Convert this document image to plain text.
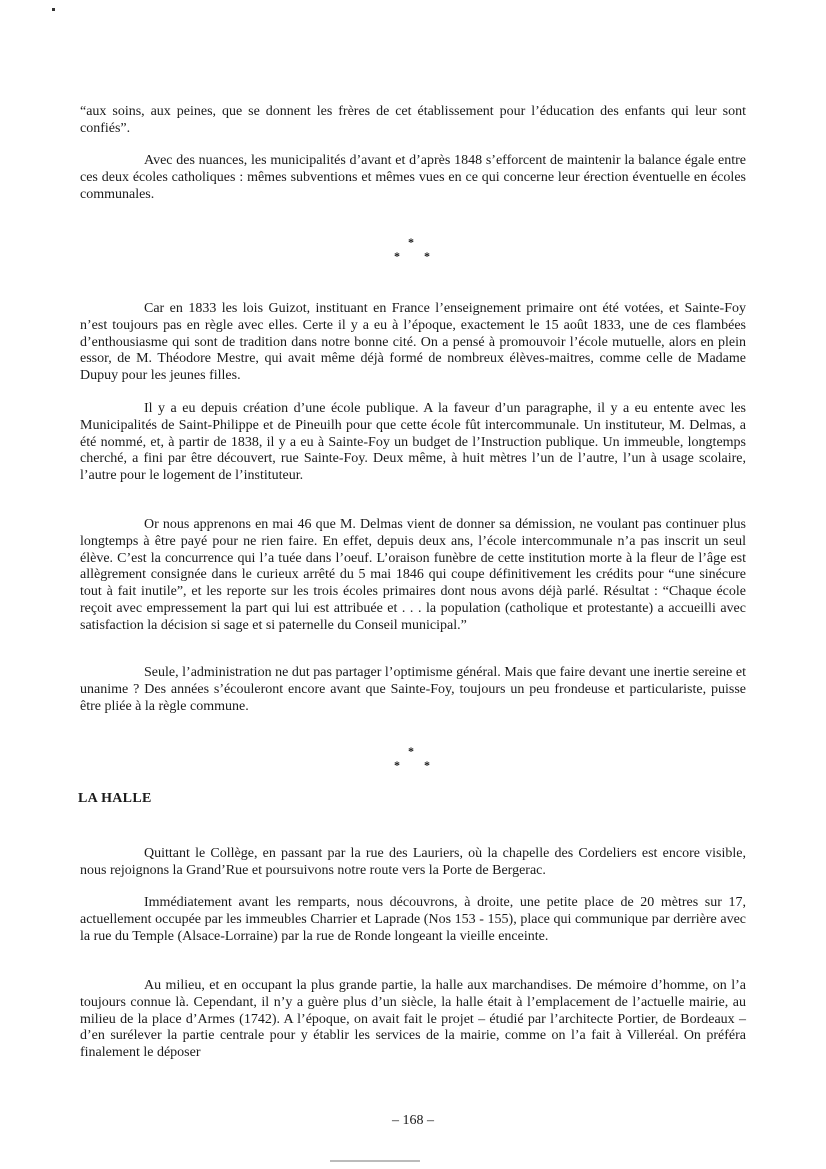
“aux soins, aux peines, que se donnent les frères de cet établissement pour l’éducation des enfants qui leur sont confiés”.

Avec des nuances, les municipalités d’avant et d’après 1848 s’efforcent de maintenir la balance égale entre ces deux écoles catholiques : mêmes subventions et mêmes vues en ce qui concerne leur érection éventuelle en écoles communales.

*
* *

Car en 1833 les lois Guizot, instituant en France l’enseignement primaire ont été votées, et Sainte-Foy n’est toujours pas en règle avec elles. Certe il y a eu à l’époque, exactement le 15 août 1833, une de ces flambées d’enthousiasme qui sont de tradition dans notre bonne cité. On a pensé à promouvoir l’école mutuelle, alors en plein essor, de M. Théodore Mestre, qui avait même déjà formé de nombreux élèves-maitres, comme celle de Madame Dupuy pour les jeunes filles.

Il y a eu depuis création d’une école publique. A la faveur d’un paragraphe, il y a eu entente avec les Municipalités de Saint-Philippe et de Pineuilh pour que cette école fût intercommunale. Un instituteur, M. Delmas, a été nommé, et, à partir de 1838, il y a eu à Sainte-Foy un budget de l’Instruction publique. Un immeuble, longtemps cherché, a fini par être découvert, rue Sainte-Foy. Deux même, à huit mètres l’un de l’autre, l’un à usage scolaire, l’autre pour le logement de l’instituteur.

Or nous apprenons en mai 46 que M. Delmas vient de donner sa démission, ne voulant pas continuer plus longtemps à être payé pour ne rien faire. En effet, depuis deux ans, l’école intercommunale n’a pas inscrit un seul élève. C’est la concurrence qui l’a tuée dans l’oeuf. L’oraison funèbre de cette institution morte à la fleur de l’âge est allègrement consignée dans le curieux arrêté du 5 mai 1846 qui coupe définitivement les crédits pour “une sinécure tout à fait inutile”, et les reporte sur les trois écoles primaires dont nous avons déjà parlé. Résultat : “Chaque école reçoit avec empressement la part qui lui est attribuée et . . . la population (catholique et protestante) a accueilli avec satisfaction la décision si sage et si paternelle du Conseil municipal.”

Seule, l’administration ne dut pas partager l’optimisme général. Mais que faire devant une inertie sereine et unanime ? Des années s’écouleront encore avant que Sainte-Foy, toujours un peu frondeuse et particulariste, puisse être pliée à la règle commune.

*
* *

LA HALLE

Quittant le Collège, en passant par la rue des Lauriers, où la chapelle des Cordeliers est encore visible, nous rejoignons la Grand’Rue et poursuivons notre route vers la Porte de Bergerac.

Immédiatement avant les remparts, nous découvrons, à droite, une petite place de 20 mètres sur 17, actuellement occupée par les immeubles Charrier et Laprade (Nos 153 - 155), place qui communique par derrière avec la rue du Temple (Alsace-Lorraine) par la rue de Ronde longeant la vieille enceinte.

Au milieu, et en occupant la plus grande partie, la halle aux marchandises. De mémoire d’homme, on l’a toujours connue là. Cependant, il n’y a guère plus d’un siècle, la halle était à l’emplacement de l’actuelle mairie, au milieu de la place d’Armes (1742). A l’époque, on avait fait le projet – étudié par l’architecte Portier, de Bordeaux – d’en surélever la partie centrale pour y établir les services de la mairie, comme on l’a fait à Villeréal. On préféra finalement le déposer

– 168 –
